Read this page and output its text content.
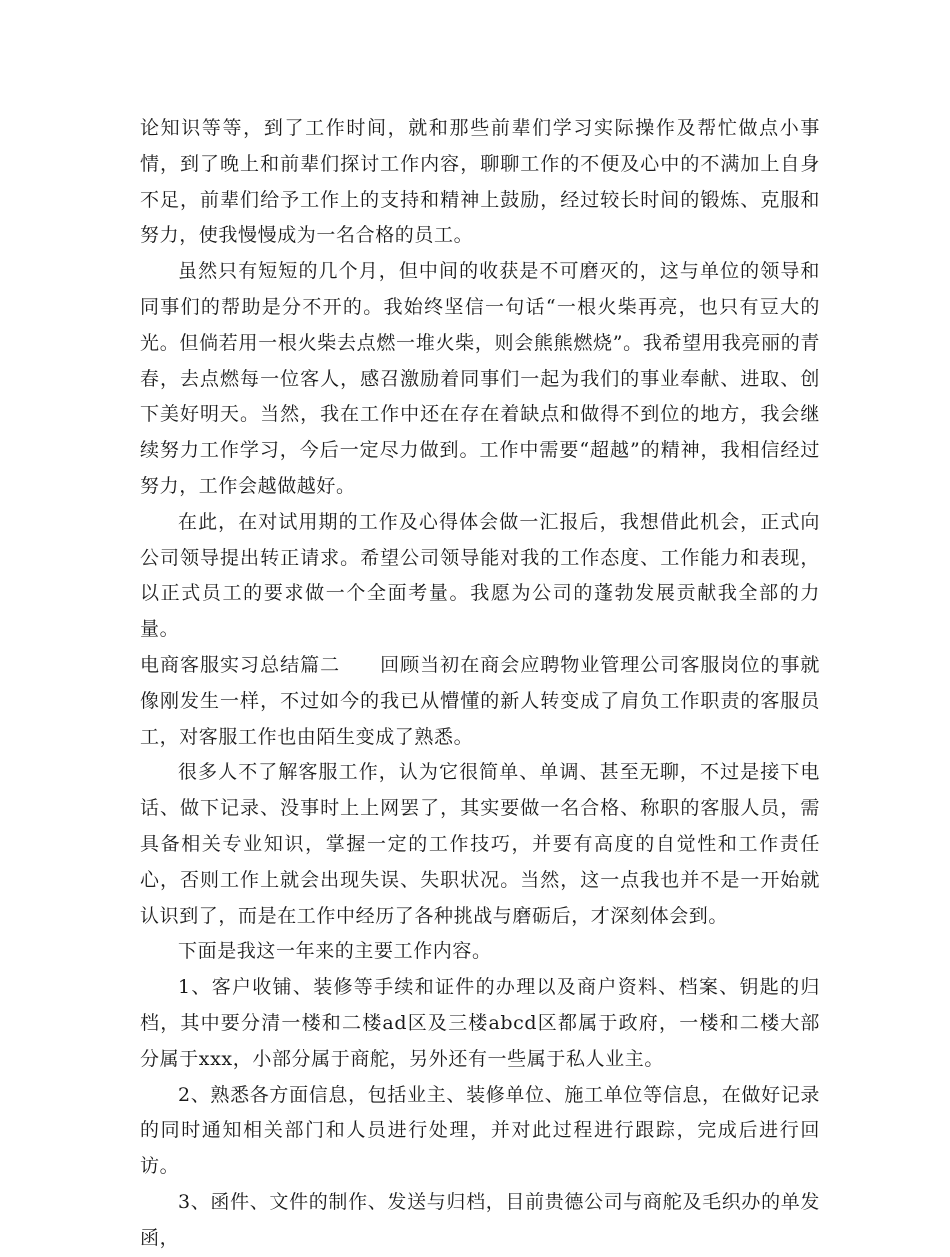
论知识等等，到了工作时间，就和那些前辈们学习实际操作及帮忙做点小事情，到了晚上和前辈们探讨工作内容，聊聊工作的不便及心中的不满加上自身不足，前辈们给予工作上的支持和精神上鼓励，经过较长时间的锻炼、克服和努力，使我慢慢成为一名合格的员工。

虽然只有短短的几个月，但中间的收获是不可磨灭的，这与单位的领导和同事们的帮助是分不开的。我始终坚信一句话“一根火柴再亮，也只有豆大的光。但倘若用一根火柴去点燃一堆火柴，则会熊熊燃烧”。我希望用我亮丽的青春，去点燃每一位客人，感召激励着同事们一起为我们的事业奉献、进取、创下美好明天。当然，我在工作中还在存在着缺点和做得不到位的地方，我会继续努力工作学习，今后一定尽力做到。工作中需要“超越”的精神，我相信经过努力，工作会越做越好。

在此，在对试用期的工作及心得体会做一汇报后，我想借此机会，正式向公司领导提出转正请求。希望公司领导能对我的工作态度、工作能力和表现，以正式员工的要求做一个全面考量。我愿为公司的蓬勃发展贡献我全部的力量。

电商客服实习总结篇二　　回顾当初在商会应聘物业管理公司客服岗位的事就像刚发生一样，不过如今的我已从懵懂的新人转变成了肩负工作职责的客服员工，对客服工作也由陌生变成了熟悉。

很多人不了解客服工作，认为它很简单、单调、甚至无聊，不过是接下电话、做下记录、没事时上上网罢了，其实要做一名合格、称职的客服人员，需具备相关专业知识，掌握一定的工作技巧，并要有高度的自觉性和工作责任心，否则工作上就会出现失误、失职状况。当然，这一点我也并不是一开始就认识到了，而是在工作中经历了各种挑战与磨砺后，才深刻体会到。

下面是我这一年来的主要工作内容。

1、客户收铺、装修等手续和证件的办理以及商户资料、档案、钥匙的归档，其中要分清一楼和二楼ad区及三楼abcd区都属于政府，一楼和二楼大部分属于xxx，小部分属于商舵，另外还有一些属于私人业主。

2、熟悉各方面信息，包括业主、装修单位、施工单位等信息，在做好记录的同时通知相关部门和人员进行处理，并对此过程进行跟踪，完成后进行回访。

3、函件、文件的制作、发送与归档，目前贵德公司与商舵及毛织办的单发函，
